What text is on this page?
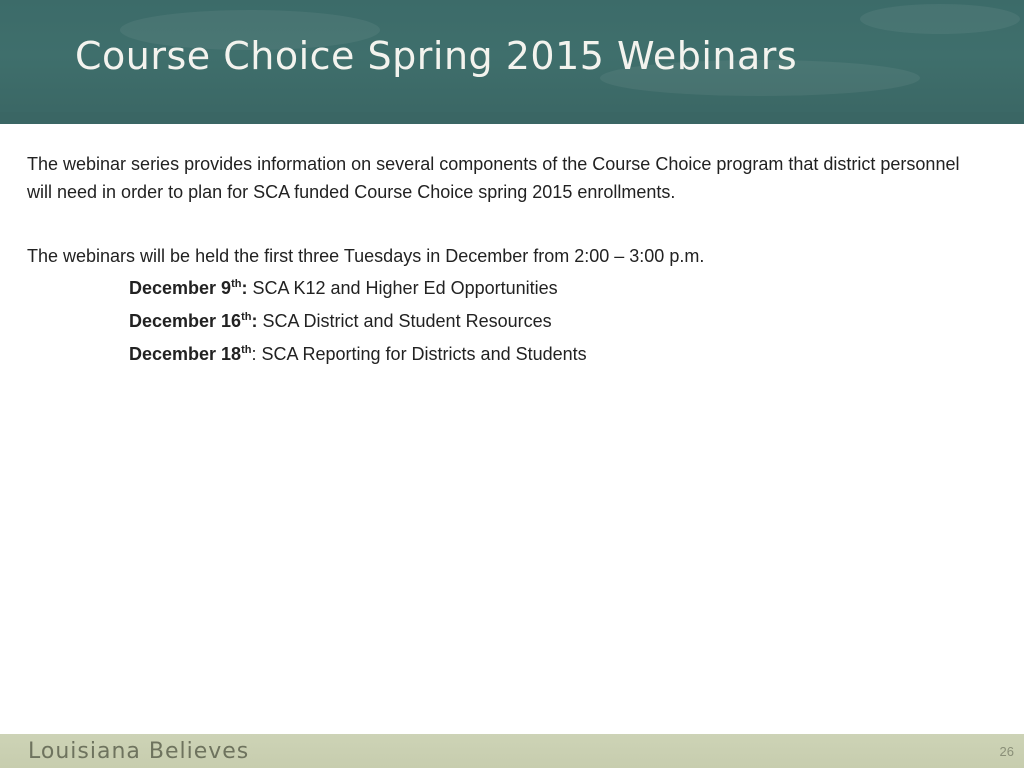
Course Choice Spring 2015 Webinars

The webinar series provides information on several components of the Course Choice program that district personnel will need in order to plan for SCA funded Course Choice spring 2015 enrollments.

The webinars will be held the first three Tuesdays in December from 2:00 – 3:00 p.m.

December 9th: SCA K12 and Higher Ed Opportunities
December 16th: SCA District and Student Resources
December 18th: SCA Reporting for Districts and Students
Louisiana Believes	26
